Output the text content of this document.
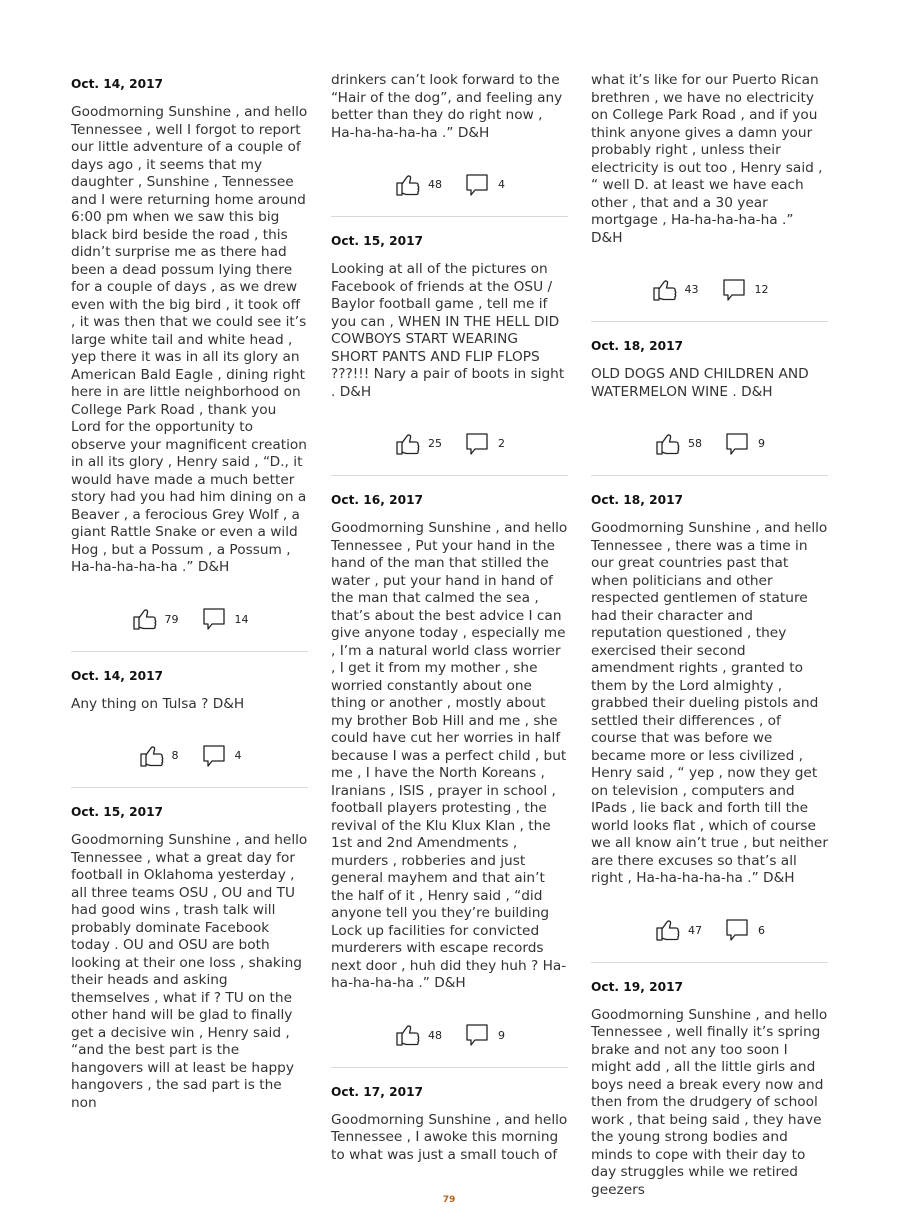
Oct. 14, 2017

Goodmorning Sunshine , and hello Tennessee , well I forgot to report our little adventure of a couple of days ago , it seems that my daughter , Sunshine , Tennessee and I were returning home around 6:00 pm when we saw this big black bird beside the road , this didn’t surprise me as there had been a dead possum lying there for a couple of days , as we drew even with the big bird , it took off , it was then that we could see it’s large white tail and white head , yep there it was in all its glory an American Bald Eagle , dining right here in are little neighborhood on College Park Road , thank you Lord for the opportunity to observe your magnificent creation in all its glory , Henry said , “D., it would have made a much better story had you had him dining on a Beaver , a ferocious Grey Wolf , a giant Rattle Snake or even a wild Hog , but a Possum , a Possum , Ha-ha-ha-ha-ha .” D&H

79	14
Oct. 14, 2017

Any thing on Tulsa ? D&H

8	4
Oct. 15, 2017

Goodmorning Sunshine , and hello Tennessee , what a great day for football in Oklahoma yesterday , all three teams OSU , OU and TU had good wins , trash talk will probably dominate Facebook today . OU and OSU are both looking at their one loss , shaking their heads and asking themselves , what if ? TU on the other hand will be glad to finally get a decisive win , Henry said , “and the best part is the hangovers will at least be happy hangovers , the sad part is the non

drinkers can’t look forward to the “Hair of the dog”, and feeling any better than they do right now , Ha-ha-ha-ha-ha .” D&H

48	4
Oct. 15, 2017

Looking at all of the pictures on Facebook of friends at the OSU / Baylor football game , tell me if you can , WHEN IN THE HELL DID COWBOYS START WEARING SHORT PANTS AND FLIP FLOPS ???!!! Nary a pair of boots in sight . D&H

25	2
Oct. 16, 2017

Goodmorning Sunshine , and hello Tennessee , Put your hand in the hand of the man that stilled the water , put your hand in hand of the man that calmed the sea , that’s about the best advice I can give anyone today , especially me , I’m a natural world class worrier , I get it from my mother , she worried constantly about one thing or another , mostly about my brother Bob Hill and me , she could have cut her worries in half because I was a perfect child , but me , I have the North Koreans , Iranians , ISIS , prayer in school , football players protesting , the revival of the Klu Klux Klan , the 1st and 2nd Amendments , murders , robberies and just general mayhem and that ain’t the half of it , Henry said , “did anyone tell you they’re building Lock up facilities for convicted murderers with escape records next door , huh did they huh ? Ha-ha-ha-ha-ha .” D&H

48	9
Oct. 17, 2017

Goodmorning Sunshine , and hello Tennessee , I awoke this morning to what was just a small touch of

what it’s like for our Puerto Rican brethren , we have no electricity on College Park Road , and if you think anyone gives a damn your probably right , unless their electricity is out too , Henry said , “ well D. at least we have each other , that and a 30 year mortgage , Ha-ha-ha-ha-ha .” D&H

43	12
Oct. 18, 2017

OLD DOGS AND CHILDREN AND WATERMELON WINE . D&H

58	9
Oct. 18, 2017

Goodmorning Sunshine , and hello Tennessee , there was a time in our great countries past that when politicians and other respected gentlemen of stature had their character and reputation questioned , they exercised their second amendment rights , granted to them by the Lord almighty , grabbed their dueling pistols and settled their differences , of course that was before we became more or less civilized , Henry said , “ yep , now they get on television , computers and IPads , lie back and forth till the world looks flat , which of course we all know ain’t true , but neither are there excuses so that’s all right , Ha-ha-ha-ha-ha .” D&H

47	6
Oct. 19, 2017

Goodmorning Sunshine , and hello Tennessee , well finally it’s spring brake and not any too soon I might add , all the little girls and boys need a break every now and then from the drudgery of school work , that being said , they have the young strong bodies and minds to cope with their day to day struggles while we retired geezers

79
